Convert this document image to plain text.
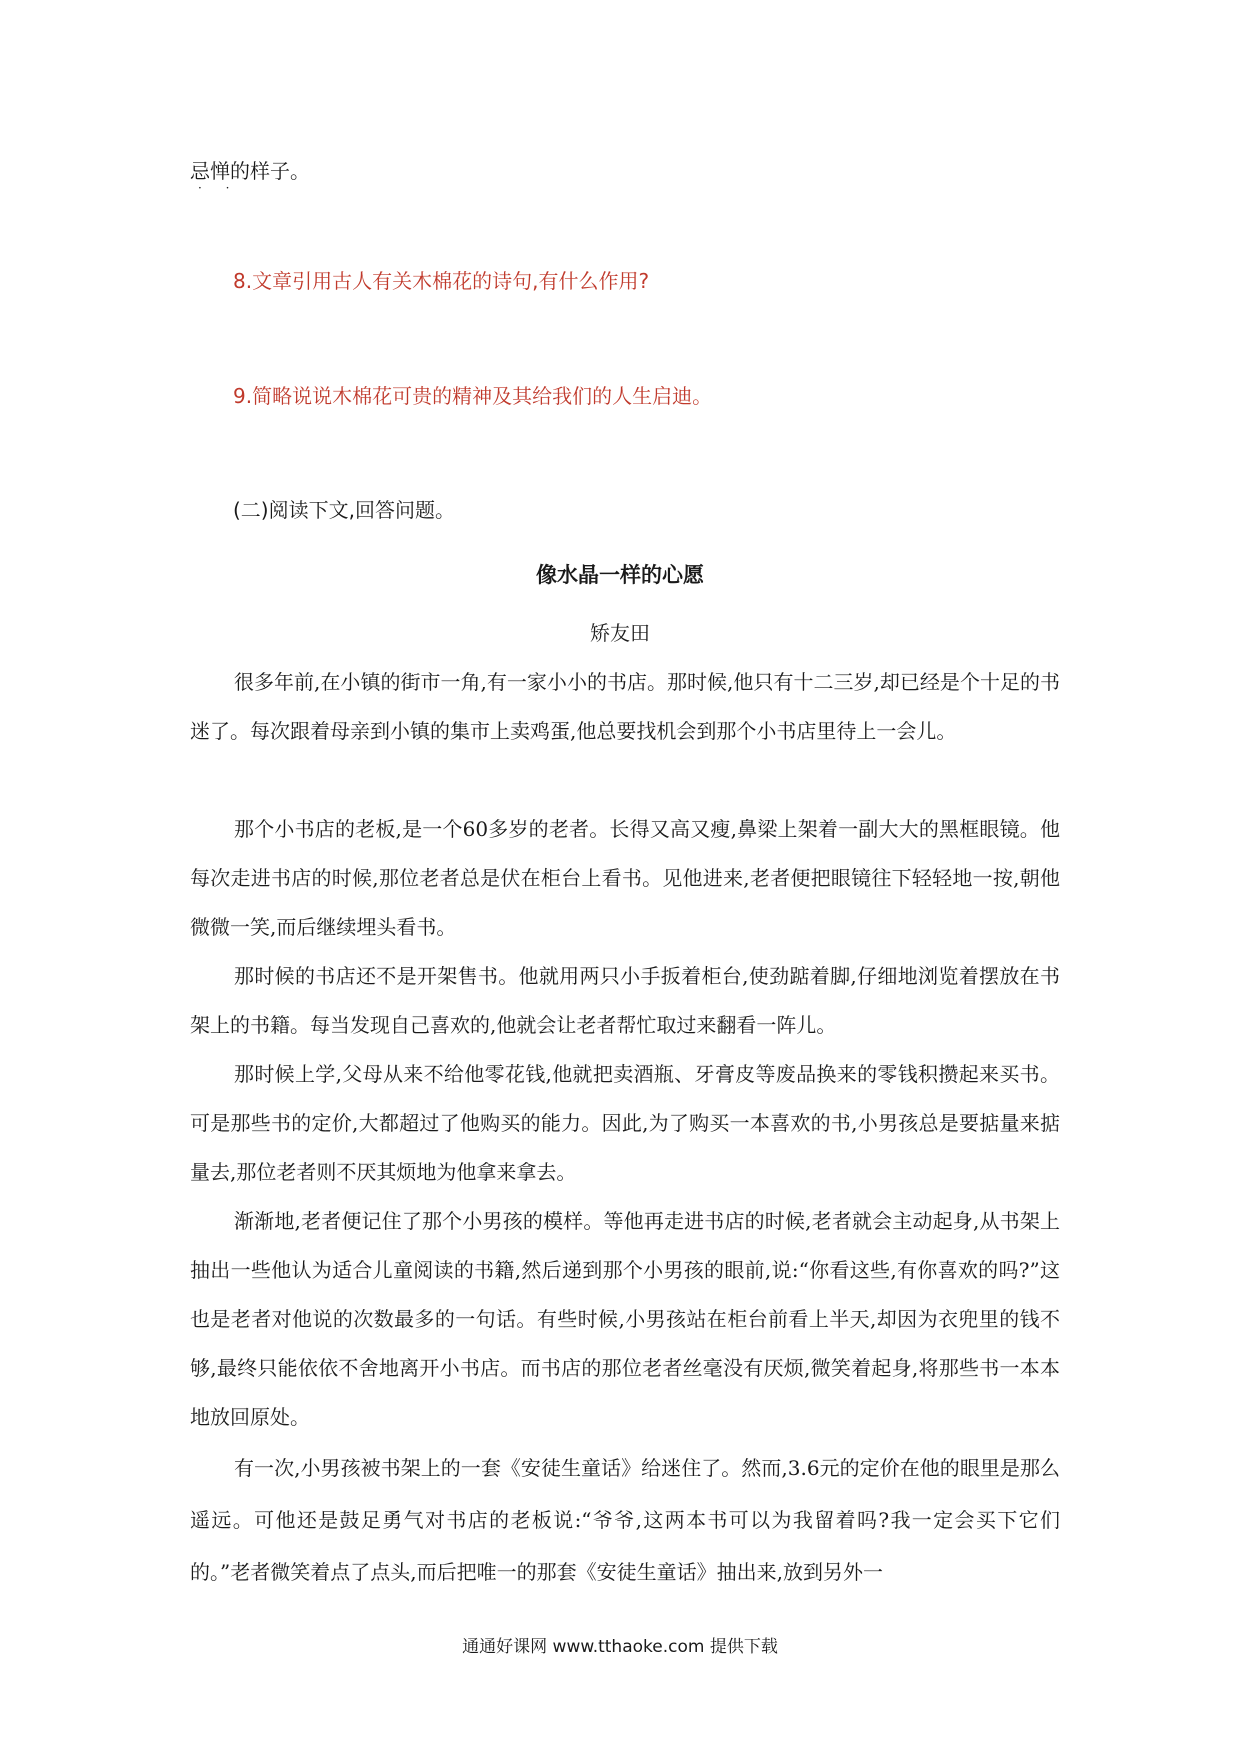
忌惮的样子。
· ·
8.文章引用古人有关木棉花的诗句,有什么作用?
9.简略说说木棉花可贵的精神及其给我们的人生启迪。
(二)阅读下文,回答问题。
像水晶一样的心愿
矫友田
很多年前,在小镇的街市一角,有一家小小的书店。那时候,他只有十二三岁,却已经是个十足的书迷了。每次跟着母亲到小镇的集市上卖鸡蛋,他总要找机会到那个小书店里待上一会儿。
那个小书店的老板,是一个60多岁的老者。长得又高又瘦,鼻梁上架着一副大大的黑框眼镜。他每次走进书店的时候,那位老者总是伏在柜台上看书。见他进来,老者便把眼镜往下轻轻地一按,朝他微微一笑,而后继续埋头看书。
那时候的书店还不是开架售书。他就用两只小手扳着柜台,使劲踮着脚,仔细地浏览着摆放在书架上的书籍。每当发现自己喜欢的,他就会让老者帮忙取过来翻看一阵儿。
那时候上学,父母从来不给他零花钱,他就把卖酒瓶、牙膏皮等废品换来的零钱积攒起来买书。可是那些书的定价,大都超过了他购买的能力。因此,为了购买一本喜欢的书,小男孩总是要掂量来掂量去,那位老者则不厌其烦地为他拿来拿去。
渐渐地,老者便记住了那个小男孩的模样。等他再走进书店的时候,老者就会主动起身,从书架上抽出一些他认为适合儿童阅读的书籍,然后递到那个小男孩的眼前,说:“你看这些,有你喜欢的吗?”这也是老者对他说的次数最多的一句话。有些时候,小男孩站在柜台前看上半天,却因为衣兜里的钱不够,最终只能依依不舍地离开小书店。而书店的那位老者丝毫没有厌烦,微笑着起身,将那些书一本本地放回原处。
有一次,小男孩被书架上的一套《安徒生童话》给迷住了。然而,3.6元的定价在他的眼里是那么遥远。可他还是鼓足勇气对书店的老板说:“爷爷,这两本书可以为我留着吗?我一定会买下它们的。”老者微笑着点了点头,而后把唯一的那套《安徒生童话》抽出来,放到另外一
通通好课网 www.tthaoke.com 提供下载
